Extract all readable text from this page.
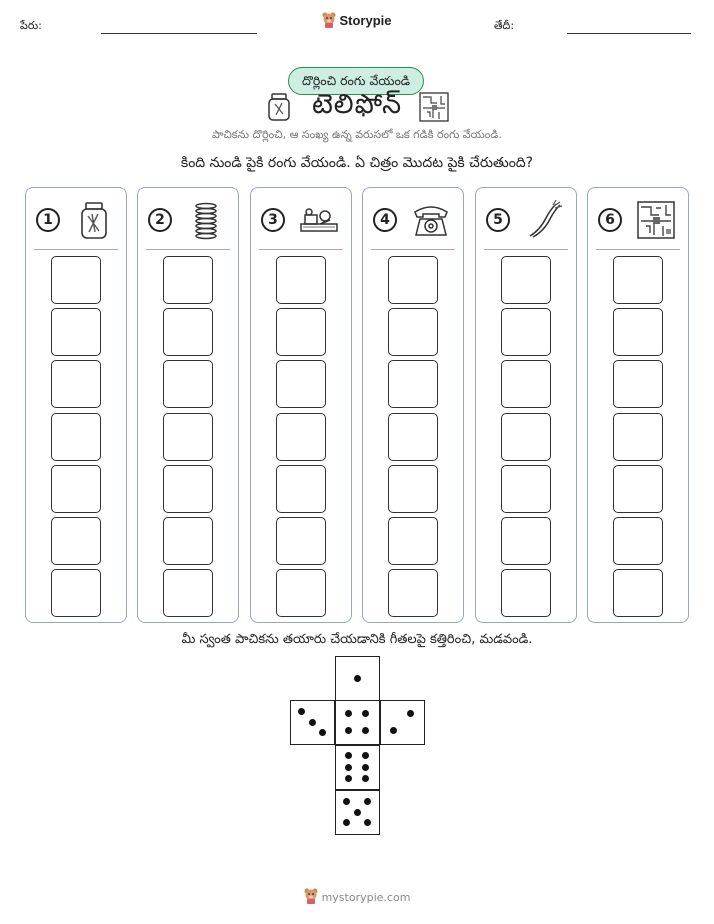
పేరు:	Storypie	తేదీ:
దొర్లించి రంగు వేయండి
టెలిఫోన్
పాచికను దొర్లించి, ఆ సంఖ్య ఉన్న వరుసలో ఒక గడికి రంగు వేయండి.
కింది నుండి పైకి రంగు వేయండి. ఏ చిత్రం మొదట పైకి చేరుతుంది?
1	2	3	4	5	6
మీ స్వంత పాచికను తయారు చేయడానికి గీతలపై కత్తిరించి, మడవండి.
mystorypie.com
